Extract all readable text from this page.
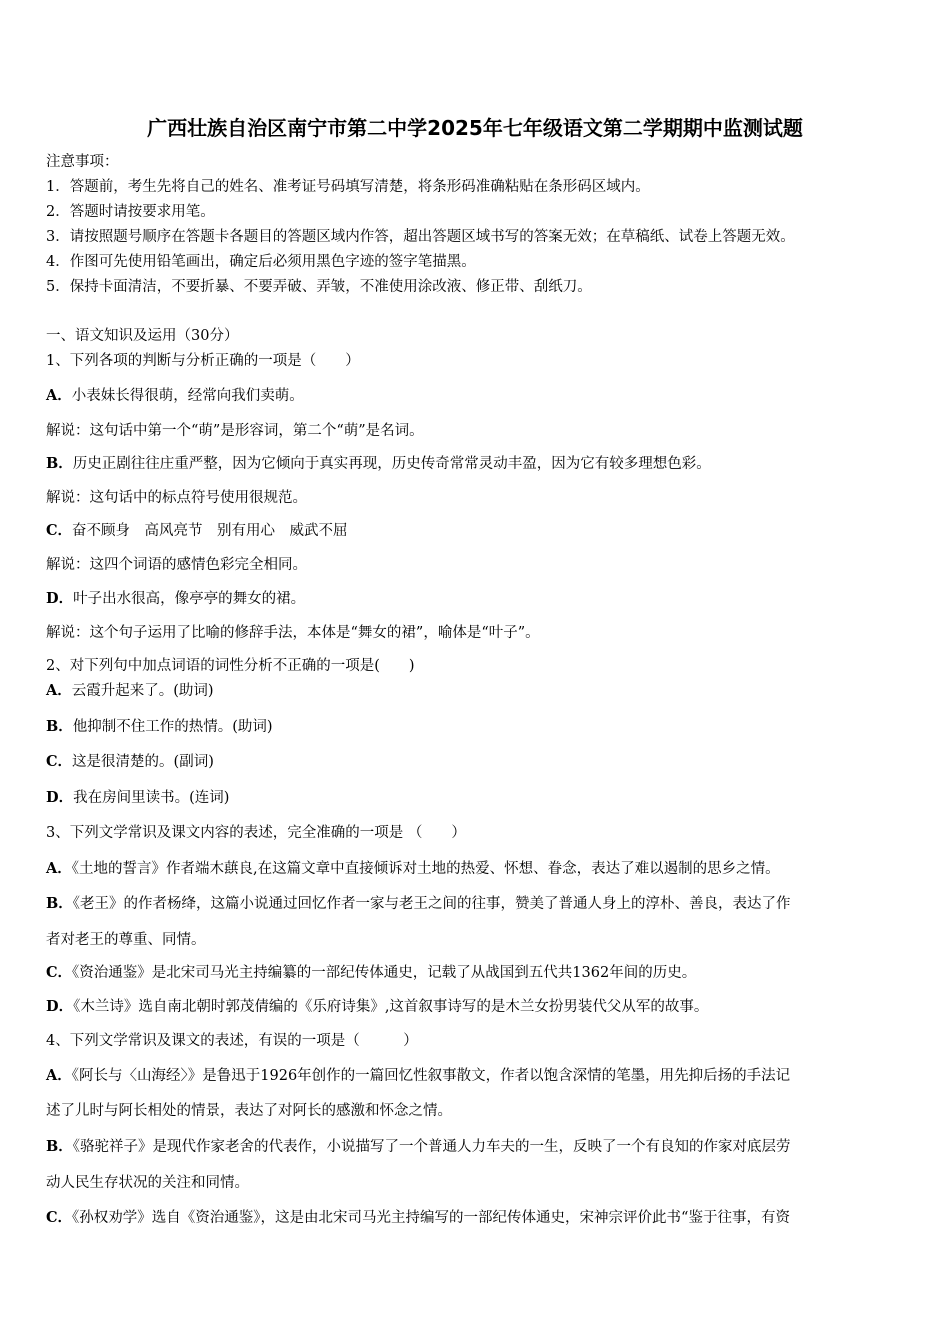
广西壮族自治区南宁市第二中学2025年七年级语文第二学期期中监测试题
注意事项：
1．答题前，考生先将自己的姓名、准考证号码填写清楚，将条形码准确粘贴在条形码区域内。
2．答题时请按要求用笔。
3．请按照题号顺序在答题卡各题目的答题区域内作答，超出答题区域书写的答案无效；在草稿纸、试卷上答题无效。
4．作图可先使用铅笔画出，确定后必须用黑色字迹的签字笔描黑。
5．保持卡面清洁，不要折暴、不要弄破、弄皱，不准使用涂改液、修正带、刮纸刀。
一、语文知识及运用（30分）
1、下列各项的判断与分析正确的一项是（　　）
A．小表妹长得很萌，经常向我们卖萌。
解说：这句话中第一个“萌”是形容词，第二个“萌”是名词。
B．历史正剧往往庄重严整，因为它倾向于真实再现，历史传奇常常灵动丰盈，因为它有较多理想色彩。
解说：这句话中的标点符号使用很规范。
C．奋不顾身　高风亮节　别有用心　威武不屈
解说：这四个词语的感情色彩完全相同。
D．叶子出水很高，像亭亭的舞女的裙。
解说：这个句子运用了比喻的修辞手法，本体是“舞女的裙”，喻体是“叶子”。
2、对下列句中加点词语的词性分析不正确的一项是(　　)
A．云霞升起来了。(助词)
B．他抑制不住工作的热情。(助词)
C．这是很清楚的。(副词)
D．我在房间里读书。(连词)
3、下列文学常识及课文内容的表述，完全准确的一项是 （　　）
A．《土地的誓言》作者端木蕻良,在这篇文章中直接倾诉对土地的热爱、怀想、眷念，表达了难以遏制的思乡之情。
B．《老王》的作者杨绛，这篇小说通过回忆作者一家与老王之间的往事，赞美了普通人身上的淳朴、善良，表达了作
者对老王的尊重、同情。
C．《资治通鉴》是北宋司马光主持编纂的一部纪传体通史，记载了从战国到五代共1362年间的历史。
D．《木兰诗》选自南北朝时郭茂倩编的《乐府诗集》,这首叙事诗写的是木兰女扮男装代父从军的故事。
4、下列文学常识及课文的表述，有误的一项是（　　　）
A．《阿长与〈山海经〉》是鲁迅于1926年创作的一篇回忆性叙事散文，作者以饱含深情的笔墨，用先抑后扬的手法记
述了儿时与阿长相处的情景，表达了对阿长的感激和怀念之情。
B．《骆驼祥子》是现代作家老舍的代表作，小说描写了一个普通人力车夫的一生，反映了一个有良知的作家对底层劳
动人民生存状况的关注和同情。
C．《孙权劝学》选自《资治通鉴》，这是由北宋司马光主持编写的一部纪传体通史，宋神宗评价此书“鉴于往事，有资
